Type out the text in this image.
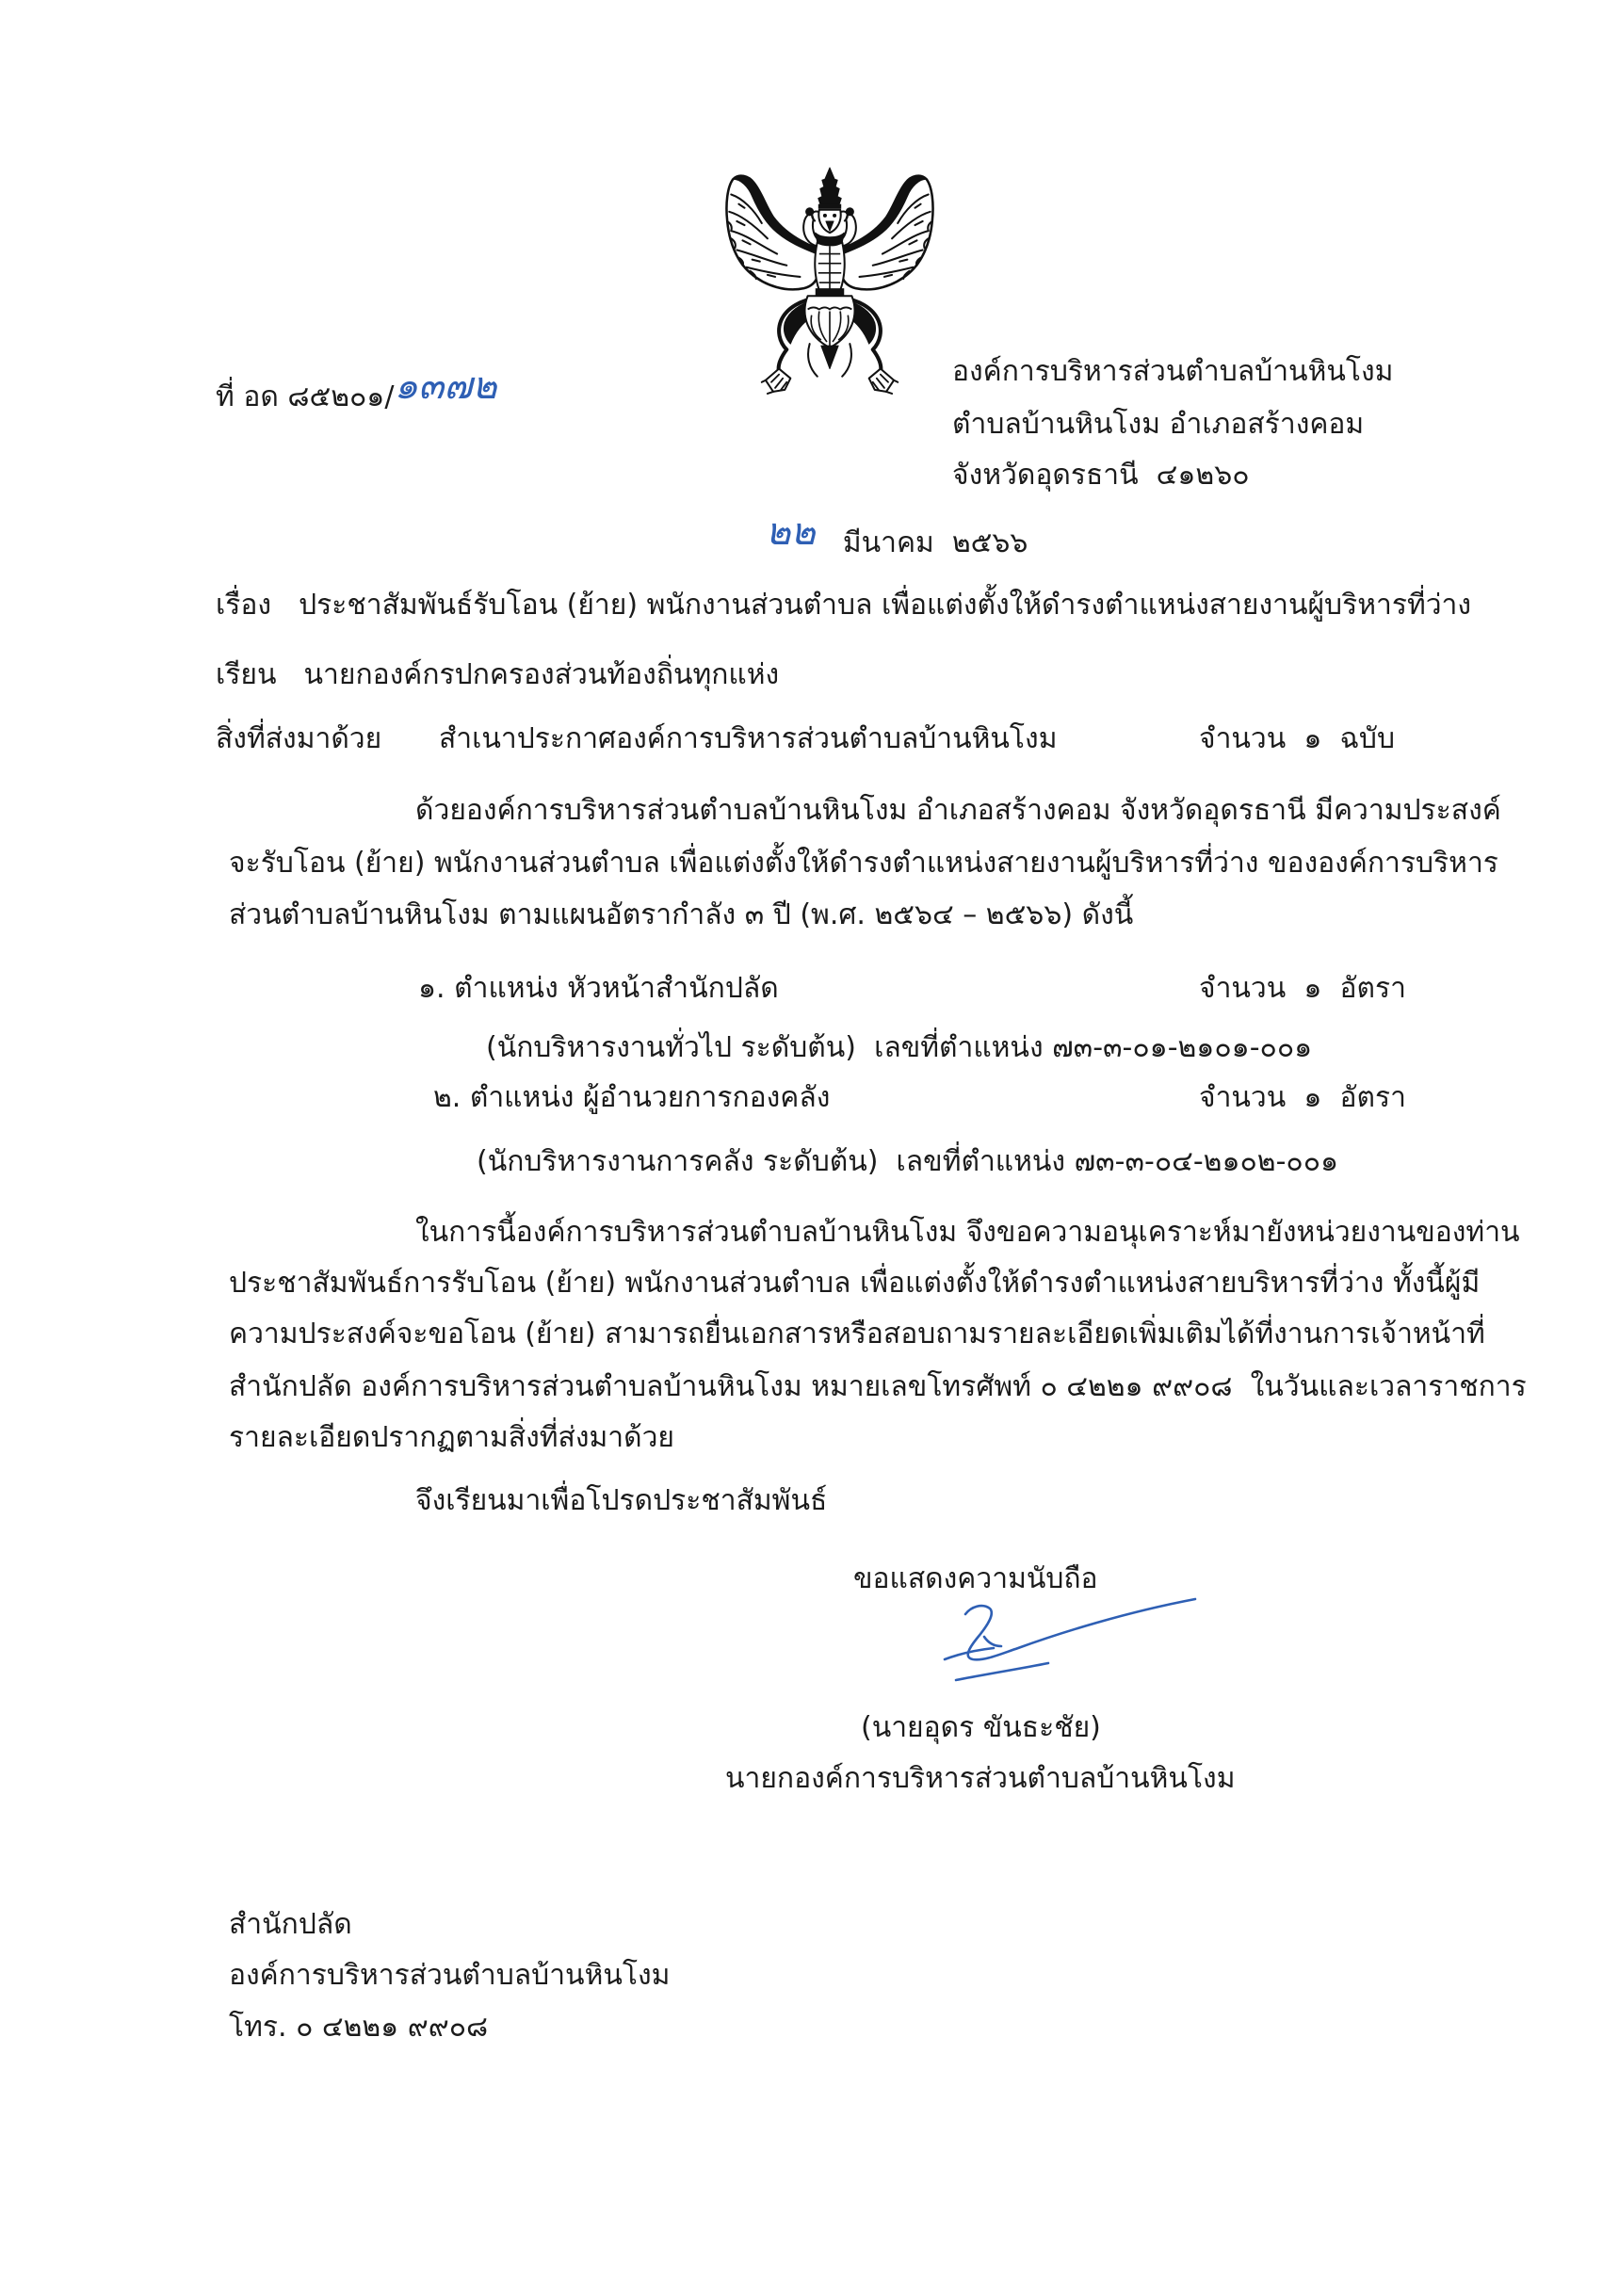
ที่ อด ๘๕๒๐๑/๑๓๗๒	องค์การบริหารส่วนตำบลบ้านหินโงม
ตำบลบ้านหินโงม อำเภอสร้างคอม
จังหวัดอุดรธานี  ๔๑๒๖๐
๒๒ มีนาคม  ๒๕๖๖
เรื่อง ประชาสัมพันธ์รับโอน (ย้าย) พนักงานส่วนตำบล เพื่อแต่งตั้งให้ดำรงตำแหน่งสายงานผู้บริหารที่ว่าง
เรียน นายกองค์กรปกครองส่วนท้องถิ่นทุกแห่ง
สิ่งที่ส่งมาด้วย	สำเนาประกาศองค์การบริหารส่วนตำบลบ้านหินโงม	จำนวน  ๑  ฉบับ
ด้วยองค์การบริหารส่วนตำบลบ้านหินโงม อำเภอสร้างคอม จังหวัดอุดรธานี มีความประสงค์
จะรับโอน (ย้าย) พนักงานส่วนตำบล เพื่อแต่งตั้งให้ดำรงตำแหน่งสายงานผู้บริหารที่ว่าง ขององค์การบริหาร
ส่วนตำบลบ้านหินโงม ตามแผนอัตรากำลัง ๓ ปี (พ.ศ. ๒๕๖๔ – ๒๕๖๖) ดังนี้
๑. ตำแหน่ง หัวหน้าสำนักปลัด	จำนวน  ๑  อัตรา
(นักบริหารงานทั่วไป ระดับต้น)  เลขที่ตำแหน่ง ๗๓-๓-๐๑-๒๑๐๑-๐๐๑
๒. ตำแหน่ง ผู้อำนวยการกองคลัง	จำนวน  ๑  อัตรา
(นักบริหารงานการคลัง ระดับต้น)  เลขที่ตำแหน่ง ๗๓-๓-๐๔-๒๑๐๒-๐๐๑
ในการนี้องค์การบริหารส่วนตำบลบ้านหินโงม จึงขอความอนุเคราะห์มายังหน่วยงานของท่าน
ประชาสัมพันธ์การรับโอน (ย้าย) พนักงานส่วนตำบล เพื่อแต่งตั้งให้ดำรงตำแหน่งสายบริหารที่ว่าง ทั้งนี้ผู้มี
ความประสงค์จะขอโอน (ย้าย) สามารถยื่นเอกสารหรือสอบถามรายละเอียดเพิ่มเติมได้ที่งานการเจ้าหน้าที่
สำนักปลัด องค์การบริหารส่วนตำบลบ้านหินโงม หมายเลขโทรศัพท์ ๐ ๔๒๒๑ ๙๙๐๘  ในวันและเวลาราชการ
รายละเอียดปรากฏตามสิ่งที่ส่งมาด้วย
จึงเรียนมาเพื่อโปรดประชาสัมพันธ์
ขอแสดงความนับถือ
(นายอุดร ขันธะชัย)
นายกองค์การบริหารส่วนตำบลบ้านหินโงม
สำนักปลัด
องค์การบริหารส่วนตำบลบ้านหินโงม
โทร. ๐ ๔๒๒๑ ๙๙๐๘
